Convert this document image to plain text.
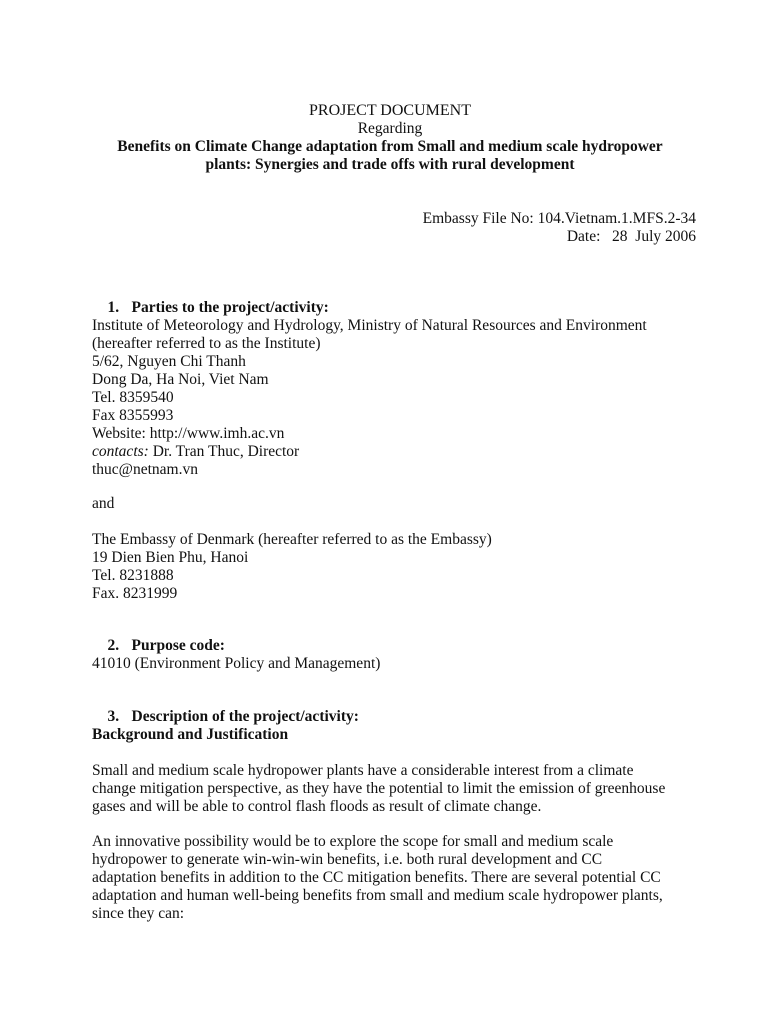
PROJECT DOCUMENT
Regarding
Benefits on Climate Change adaptation from Small and medium scale hydropower
plants: Synergies and trade offs with rural development
Embassy File No: 104.Vietnam.1.MFS.2-34
Date:   28  July 2006

1. Parties to the project/activity:

Institute of Meteorology and Hydrology, Ministry of Natural Resources and Environment
(hereafter referred to as the Institute)
5/62, Nguyen Chi Thanh
Dong Da, Ha Noi, Viet Nam
Tel. 8359540
Fax 8355993
Website: http://www.imh.ac.vn
contacts: Dr. Tran Thuc, Director
thuc@netnam.vn
and
The Embassy of Denmark (hereafter referred to as the Embassy)
19 Dien Bien Phu, Hanoi
Tel. 8231888
Fax. 8231999

2. Purpose code:

41010 (Environment Policy and Management)

3. Description of the project/activity:

Background and Justification
Small and medium scale hydropower plants have a considerable interest from a climate
change mitigation perspective, as they have the potential to limit the emission of greenhouse
gases and will be able to control flash floods as result of climate change.
An innovative possibility would be to explore the scope for small and medium scale
hydropower to generate win-win-win benefits, i.e. both rural development and CC
adaptation benefits in addition to the CC mitigation benefits. There are several potential CC
adaptation and human well-being benefits from small and medium scale hydropower plants,
since they can:
